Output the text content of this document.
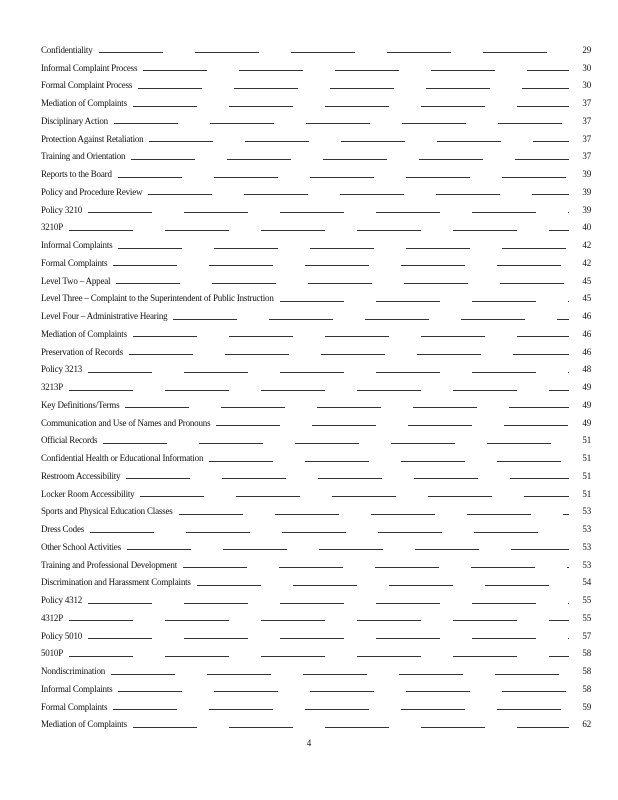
Confidentiality	29
Informal Complaint Process	30
Formal Complaint Process	30
Mediation of Complaints	37
Disciplinary Action	37
Protection Against Retaliation	37
Training and Orientation	37
Reports to the Board	39
Policy and Procedure Review	39
Policy 3210	39
3210P	40
Informal Complaints	42
Formal Complaints	42
Level Two – Appeal	45
Level Three – Complaint to the Superintendent of Public Instruction	45
Level Four – Administrative Hearing	46
Mediation of Complaints	46
Preservation of Records	46
Policy 3213	48
3213P	49
Key Definitions/Terms	49
Communication and Use of Names and Pronouns	49
Official Records	51
Confidential Health or Educational Information	51
Restroom Accessibility	51
Locker Room Accessibility	51
Sports and Physical Education Classes	53
Dress Codes	53
Other School Activities	53
Training and Professional Development	53
Discrimination and Harassment Complaints	54
Policy 4312	55
4312P	55
Policy 5010	57
5010P	58
Nondiscrimination	58
Informal Complaints	58
Formal Complaints	59
Mediation of Complaints	62
4
